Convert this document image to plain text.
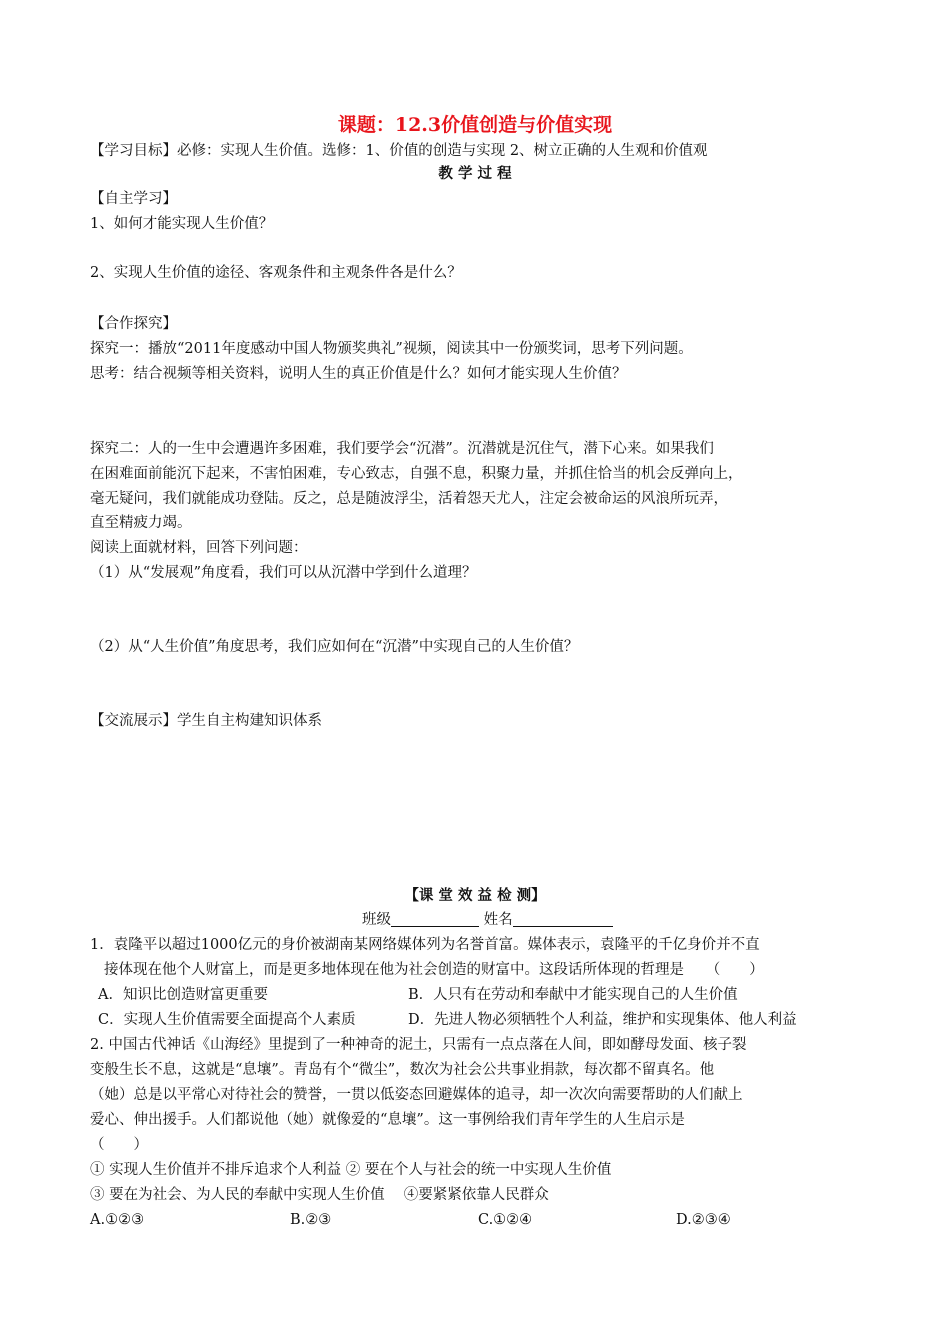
课题：12.3价值创造与价值实现
【学习目标】必修：实现人生价值。选修：1、价值的创造与实现 2、树立正确的人生观和价值观
教 学 过 程
【自主学习】
1、如何才能实现人生价值？
2、实现人生价值的途径、客观条件和主观条件各是什么？
【合作探究】
探究一：播放“2011年度感动中国人物颁奖典礼”视频，阅读其中一份颁奖词，思考下列问题。
思考：结合视频等相关资料，说明人生的真正价值是什么？如何才能实现人生价值？
探究二：人的一生中会遭遇许多困难，我们要学会“沉潜”。沉潜就是沉住气，潜下心来。如果我们
在困难面前能沉下起来，不害怕困难，专心致志，自强不息，积聚力量，并抓住恰当的机会反弹向上，
毫无疑问，我们就能成功登陆。反之，总是随波浮尘，活着怨天尤人，注定会被命运的风浪所玩弄，
直至精疲力竭。
阅读上面就材料，回答下列问题：
（1）从“发展观”角度看，我们可以从沉潜中学到什么道理？
（2）从“人生价值”角度思考，我们应如何在“沉潜”中实现自己的人生价值？
【交流展示】学生自主构建知识体系
【课 堂 效 益 检 测】
班级	姓名
1．袁隆平以超过1000亿元的身价被湖南某网络媒体列为名誉首富。媒体表示，袁隆平的千亿身价并不直
接体现在他个人财富上，而是更多地体现在他为社会创造的财富中。这段话所体现的哲理是　　（　　）
A．知识比创造财富更重要	B．人只有在劳动和奉献中才能实现自己的人生价值
C．实现人生价值需要全面提高个人素质	D．先进人物必须牺牲个人利益，维护和实现集体、他人利益
2. 中国古代神话《山海经》里提到了一种神奇的泥土，只需有一点点落在人间，即如酵母发面、核子裂
变般生长不息，这就是“息壤”。青岛有个“微尘”，数次为社会公共事业捐款，每次都不留真名。他
（她）总是以平常心对待社会的赞誉，一贯以低姿态回避媒体的追寻，却一次次向需要帮助的人们献上
爱心、伸出援手。人们都说他（她）就像爱的“息壤”。这一事例给我们青年学生的人生启示是
（　　）
① 实现人生价值并不排斥追求个人利益 ② 要在个人与社会的统一中实现人生价值
③ 要在为社会、为人民的奉献中实现人生价值　 ④要紧紧依靠人民群众
A.①②③	B.②③	C.①②④	D.②③④
